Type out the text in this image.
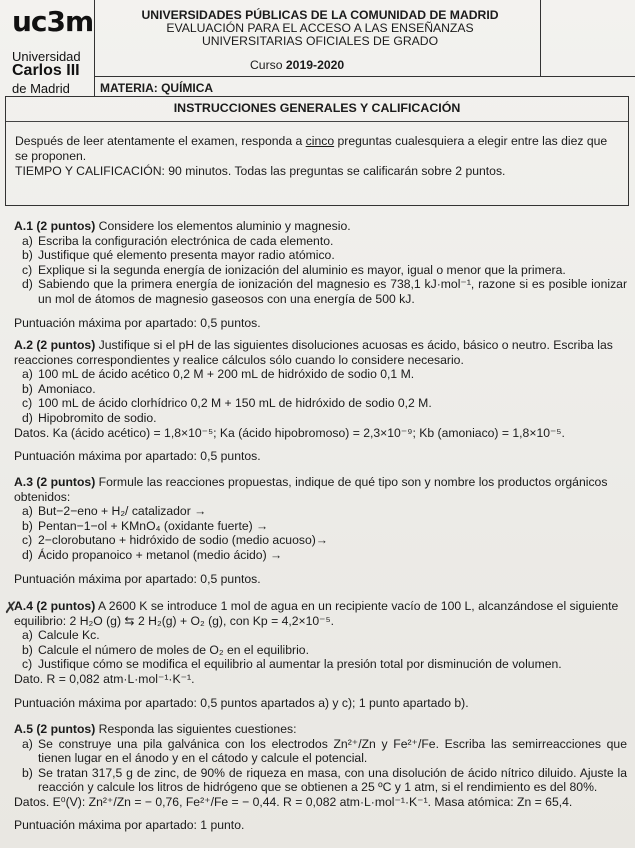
uc3m
Universidad
Carlos III
de Madrid
UNIVERSIDADES PÚBLICAS DE LA COMUNIDAD DE MADRID
EVALUACIÓN PARA EL ACCESO A LAS ENSEÑANZAS
UNIVERSITARIAS OFICIALES DE GRADO
Curso 2019-2020
MATERIA: QUÍMICA
INSTRUCCIONES GENERALES Y CALIFICACIÓN
Después de leer atentamente el examen, responda a cinco preguntas cualesquiera a elegir entre las diez que se proponen.
TIEMPO Y CALIFICACIÓN: 90 minutos. Todas las preguntas se calificarán sobre 2 puntos.
A.1 (2 puntos) Considere los elementos aluminio y magnesio.
a) Escriba la configuración electrónica de cada elemento.
b) Justifique qué elemento presenta mayor radio atómico.
c) Explique si la segunda energía de ionización del aluminio es mayor, igual o menor que la primera.
d) Sabiendo que la primera energía de ionización del magnesio es 738,1 kJ·mol⁻¹, razone si es posible ionizar un mol de átomos de magnesio gaseosos con una energía de 500 kJ.
Puntuación máxima por apartado: 0,5 puntos.
A.2 (2 puntos) Justifique si el pH de las siguientes disoluciones acuosas es ácido, básico o neutro. Escriba las reacciones correspondientes y realice cálculos sólo cuando lo considere necesario.
a) 100 mL de ácido acético 0,2 M + 200 mL de hidróxido de sodio 0,1 M.
b) Amoniaco.
c) 100 mL de ácido clorhídrico 0,2 M + 150 mL de hidróxido de sodio 0,2 M.
d) Hipobromito de sodio.
Datos. Ka (ácido acético) = 1,8×10⁻⁵; Ka (ácido hipobromoso) = 2,3×10⁻⁹; Kb (amoniaco) = 1,8×10⁻⁵.
Puntuación máxima por apartado: 0,5 puntos.
A.3 (2 puntos) Formule las reacciones propuestas, indique de qué tipo son y nombre los productos orgánicos obtenidos:
a) But−2−eno + H₂/ catalizador →
b) Pentan−1−ol + KMnO₄ (oxidante fuerte) →
c) 2−clorobutano + hidróxido de sodio (medio acuoso)→
d) Ácido propanoico + metanol (medio ácido) →
Puntuación máxima por apartado: 0,5 puntos.
✗
A.4 (2 puntos) A 2600 K se introduce 1 mol de agua en un recipiente vacío de 100 L, alcanzándose el siguiente equilibrio: 2 H₂O (g) ⇆ 2 H₂(g) + O₂ (g), con Kp = 4,2×10⁻⁵.
a) Calcule Kc.
b) Calcule el número de moles de O₂ en el equilibrio.
c) Justifique cómo se modifica el equilibrio al aumentar la presión total por disminución de volumen.
Dato. R = 0,082 atm·L·mol⁻¹·K⁻¹.
Puntuación máxima por apartado: 0,5 puntos apartados a) y c); 1 punto apartado b).
A.5 (2 puntos) Responda las siguientes cuestiones:
a) Se construye una pila galvánica con los electrodos Zn²⁺/Zn y Fe²⁺/Fe. Escriba las semirreacciones que tienen lugar en el ánodo y en el cátodo y calcule el potencial.
b) Se tratan 317,5 g de zinc, de 90% de riqueza en masa, con una disolución de ácido nítrico diluido. Ajuste la reacción y calcule los litros de hidrógeno que se obtienen a 25 ºC y 1 atm, si el rendimiento es del 80%.
Datos. E⁰(V): Zn²⁺/Zn = − 0,76, Fe²⁺/Fe = − 0,44. R = 0,082 atm·L·mol⁻¹·K⁻¹. Masa atómica: Zn = 65,4.
Puntuación máxima por apartado: 1 punto.
